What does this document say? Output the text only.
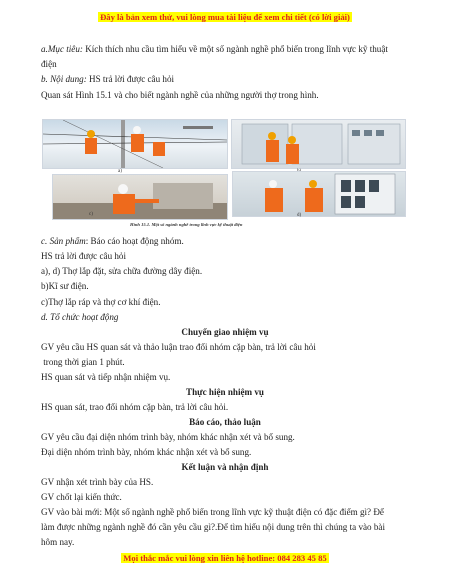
Đây là bản xem thử, vui lòng mua tài liệu để xem chi tiết (có lời giải)
a.Mục tiêu: Kích thích nhu cầu tìm hiểu về một số ngành nghề phổ biến trong lĩnh vực kỹ thuật
điện
b. Nội dung: HS trả lời được câu hỏi
Quan sát Hình 15.1 và cho biết ngành nghề của những người thợ trong hình.
a)
c)	d)
Hình 15.1. Một số ngành nghề trong lĩnh vực kỹ thuật điện
c. Sản phẩm: Báo cáo hoạt động nhóm.
HS trả lời được câu hỏi
a), d) Thợ lắp đặt, sửa chữa đường dây điện.
b)Kĩ sư điện.
c)Thợ lắp ráp và thợ cơ khí điện.
d. Tổ chức hoạt động
Chuyển giao nhiệm vụ
GV yêu cầu HS quan sát và thảo luận trao đổi nhóm cặp bàn, trả lời câu hỏi
trong thời gian 1 phút.
HS quan sát và tiếp nhận nhiệm vụ.
Thực hiện nhiệm vụ
HS quan sát, trao đổi nhóm cặp bàn, trả lời câu hỏi.
Báo cáo, thảo luận
GV yêu cầu đại diện nhóm trình bày, nhóm khác nhận xét và bổ sung.
Đại diện nhóm trình bày, nhóm khác nhận xét và bổ sung.
Kết luận và nhận định
GV nhận xét trình bày của HS.
GV chốt lại kiến thức.
GV vào bài mới: Một số ngành nghề phổ biến trong lĩnh vực kỹ thuật điện có đặc điểm gì? Để
làm được những ngành nghề đó cần yêu cầu gì?.Để tìm hiểu nội dung trên thì chúng ta vào bài
hôm nay.
Mọi thắc mắc vui lòng xin liên hệ hotline: 084 283 45 85
